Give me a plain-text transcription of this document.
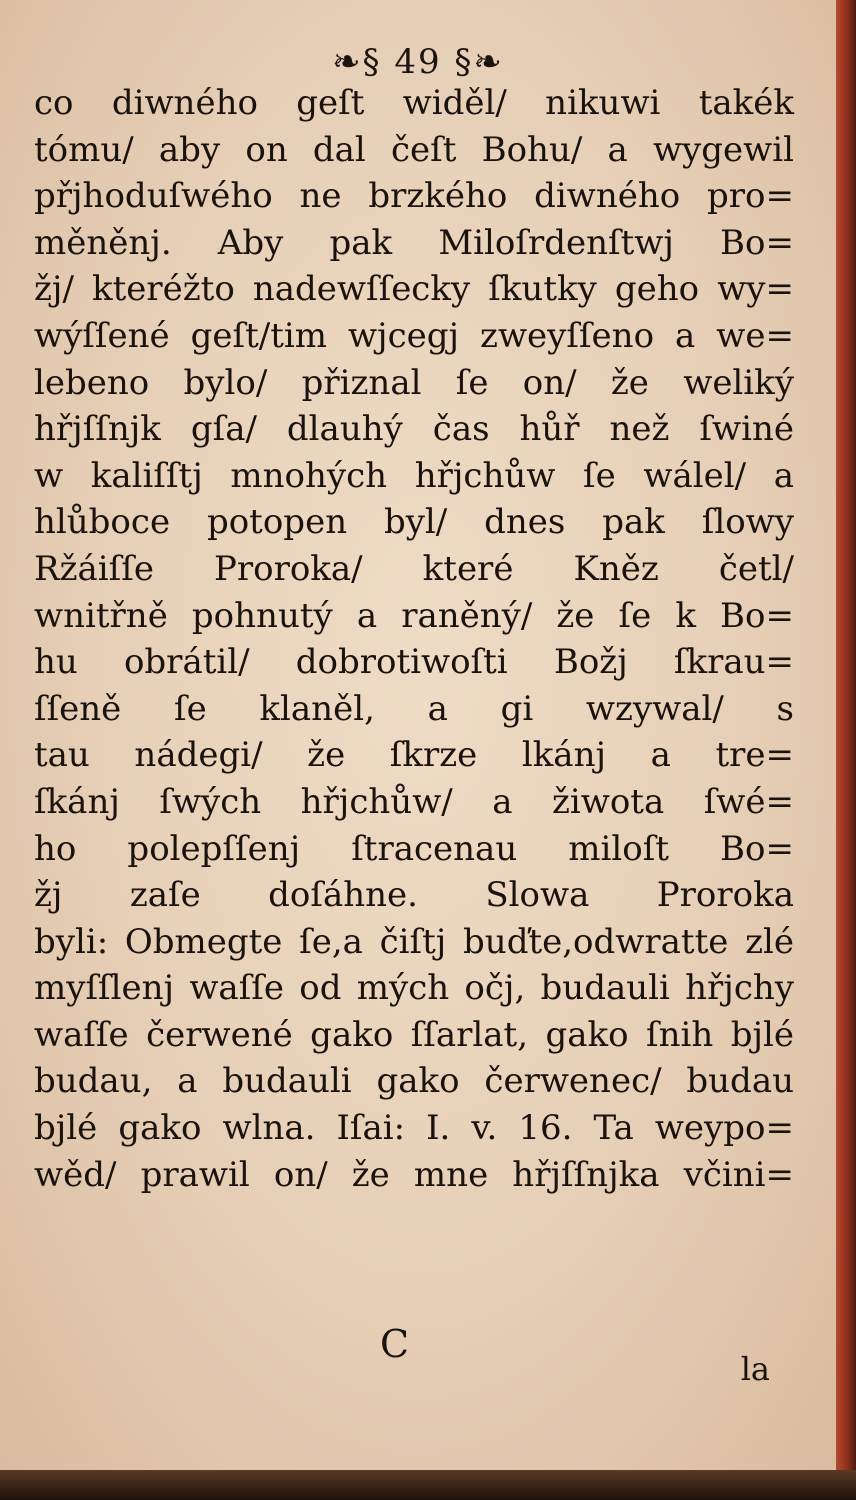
❧§ 49 §❧
co diwného geſt widěl/ nikuwi takék
tómu/ aby on dal čeſt Bohu/ a wygewil
přjhoduſwého ne brzkého diwného pro=
měněnj. Aby pak Miloſrdenſtwj Bo=
žj/ kteréžto nadewſſecky ſkutky geho wy=
wýſſené geſt/tim wjcegj zweyſſeno a we=
lebeno bylo/ přiznal ſe on/ že weliký
hřjſſnjk gſa/ dlauhý čas hůř než ſwiné
w kaliſſtj mnohých hřjchůw ſe wálel/ a
hlůboce potopen byl/ dnes pak ſlowy
Ržáiſſe Proroka/ které Kněz četl/
wnitřně pohnutý a raněný/ že ſe k Bo=
hu obrátil/ dobrotiwoſti Božj ſkrau=
ſſeně ſe klaněl, a gi wzywal/ s
tau nádegi/ že ſkrze lkánj a tre=
ſkánj ſwých hřjchůw/ a žiwota ſwé=
ho polepſſenj ſtracenau miloſt Bo=
žj zaſe doſáhne. Slowa Proroka
byli: Obmegte ſe,a čiſtj buďte,odwratte zlé
myſſlenj waſſe od mých očj, budauli hřjchy
waſſe čerwené gako ſſarlat, gako ſnih bjlé
budau, a budauli gako čerwenec/ budau
bjlé gako wlna. Iſai: I. v. 16. Ta weypo=
wěd/ prawil on/ že mne hřjſſnjka včini=
C
la
